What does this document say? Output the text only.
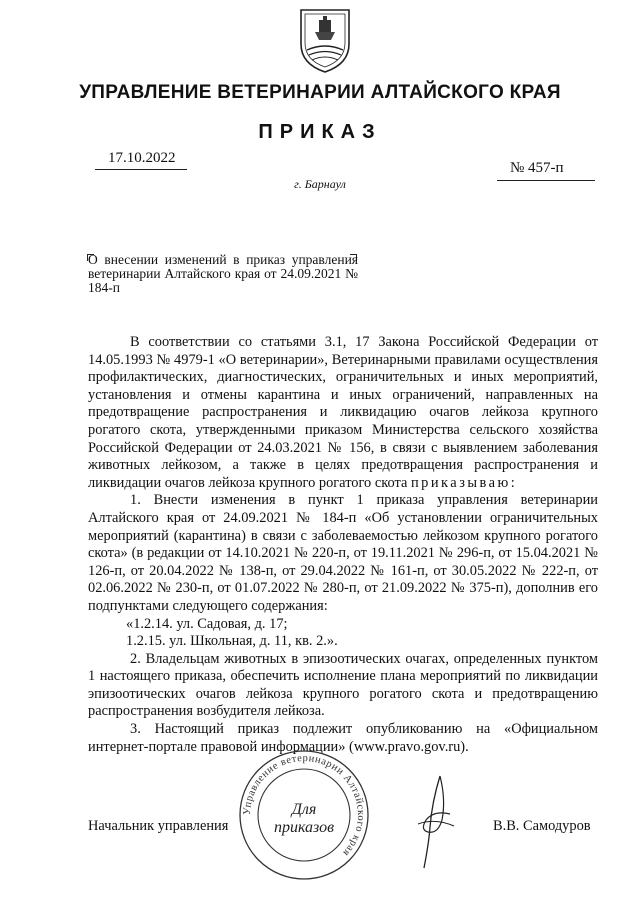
УПРАВЛЕНИЕ ВЕТЕРИНАРИИ АЛТАЙСКОГО КРАЯ
ПРИКАЗ
17.10.2022
№ 457-п
г. Барнаул
О внесении изменений в приказ управления ветеринарии Алтайского края от 24.09.2021 № 184-п

В соответствии со статьями 3.1, 17 Закона Российской Федерации от 14.05.1993 № 4979-1 «О ветеринарии», Ветеринарными правилами осуществления профилактических, диагностических, ограничительных и иных мероприятий, установления и отмены карантина и иных ограничений, направленных на предотвращение распространения и ликвидацию очагов лейкоза крупного рогатого скота, утвержденными приказом Министерства сельского хозяйства Российской Федерации от 24.03.2021 № 156, в связи с выявлением заболевания животных лейкозом, а также в целях предотвращения распространения и ликвидации очагов лейкоза крупного рогатого скота приказываю:

1. Внести изменения в пункт 1 приказа управления ветеринарии Алтайского края от 24.09.2021 № 184-п «Об установлении ограничительных мероприятий (карантина) в связи с заболеваемостью лейкозом крупного рогатого скота» (в редакции от 14.10.2021 № 220-п, от 19.11.2021 № 296-п, от 15.04.2021 № 126-п, от 20.04.2022 № 138-п, от 29.04.2022 № 161-п, от 30.05.2022 № 222-п, от 02.06.2022 № 230-п, от 01.07.2022 № 280-п, от 21.09.2022 № 375-п), дополнив его подпунктами следующего содержания:

«1.2.14. ул. Садовая, д. 17;

1.2.15. ул. Школьная, д. 11, кв. 2.».

2. Владельцам животных в эпизоотических очагах, определенных пунктом 1 настоящего приказа, обеспечить исполнение плана мероприятий по ликвидации эпизоотических очагов лейкоза крупного рогатого скота и предотвращению распространения возбудителя лейкоза.

3. Настоящий приказ подлежит опубликованию на «Официальном интернет-портале правовой информации» (www.pravo.gov.ru).

Управление ветеринарии Алтайского края
Для
приказов
Начальник управления	В.В. Самодуров
